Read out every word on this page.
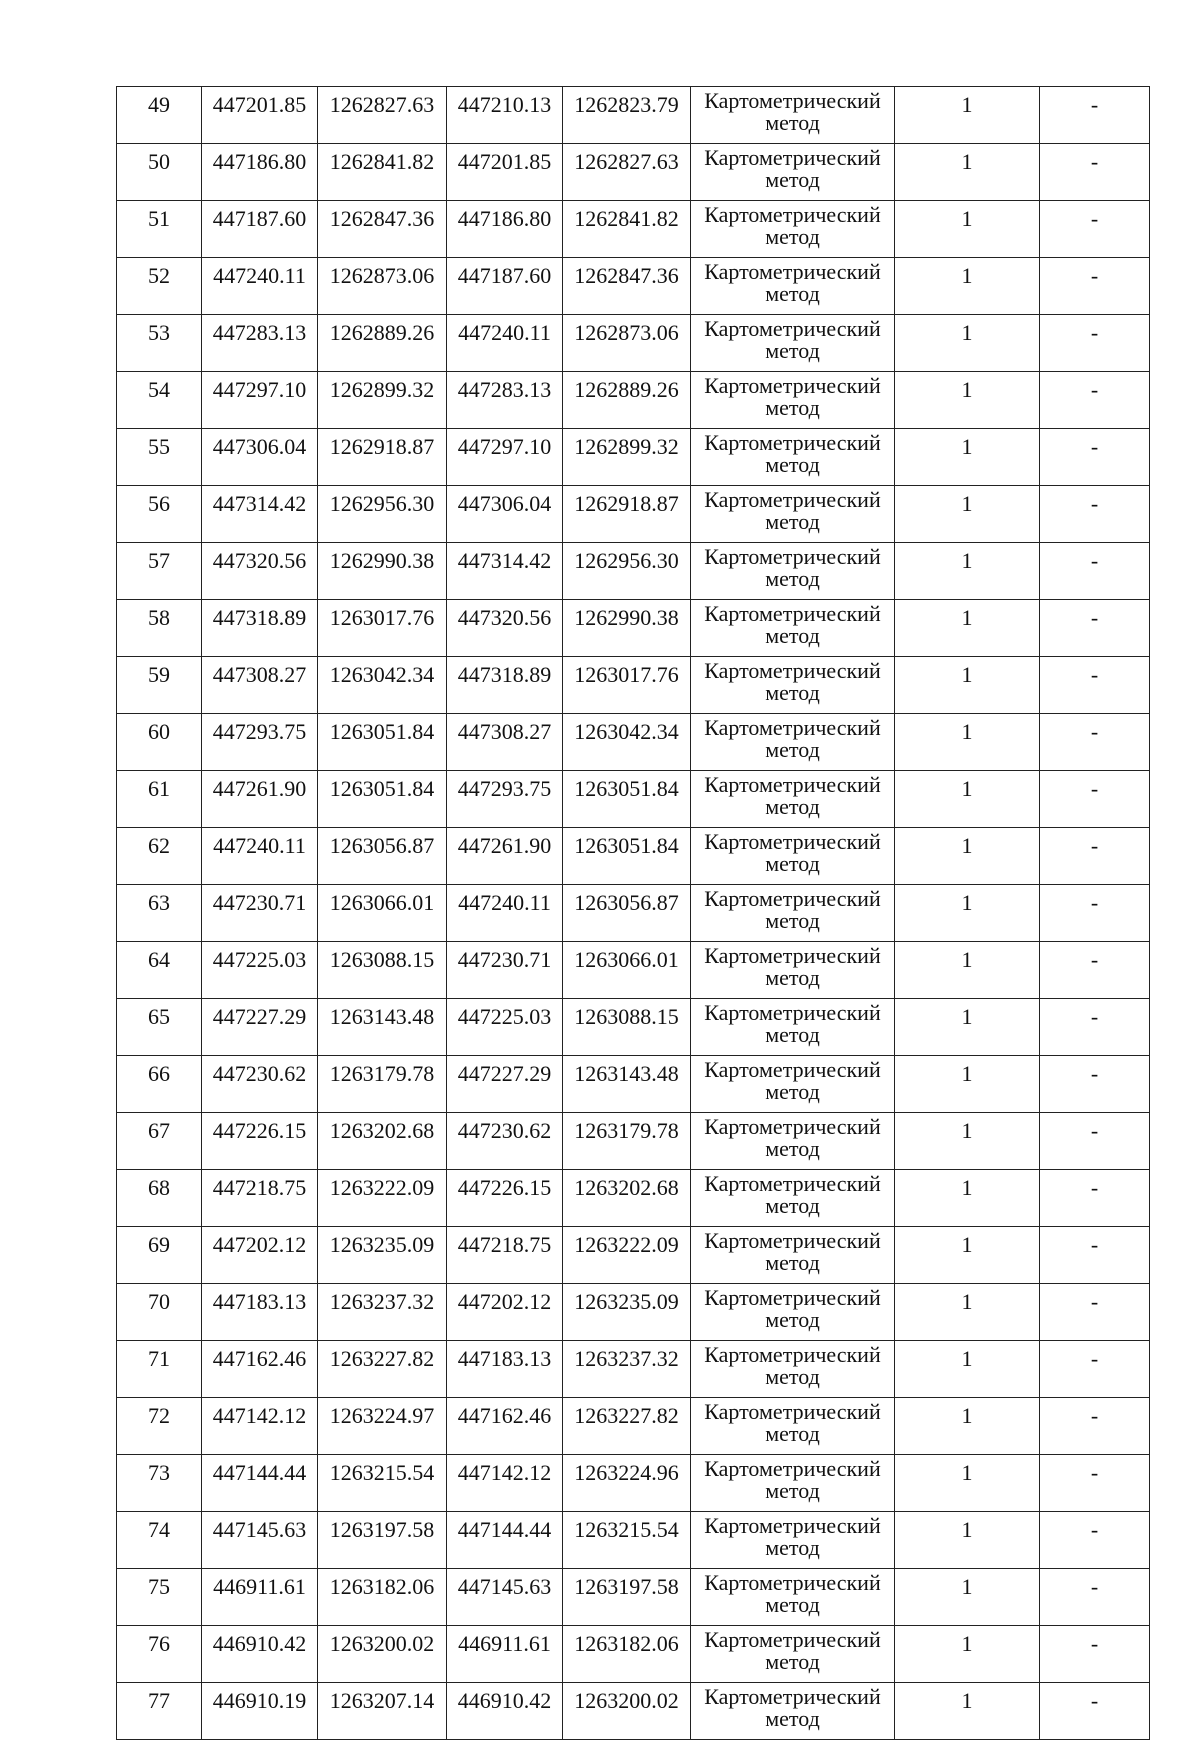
49	447201.85	1262827.63	447210.13	1262823.79	Картометрический
метод	1	-
50	447186.80	1262841.82	447201.85	1262827.63	Картометрический
метод	1	-
51	447187.60	1262847.36	447186.80	1262841.82	Картометрический
метод	1	-
52	447240.11	1262873.06	447187.60	1262847.36	Картометрический
метод	1	-
53	447283.13	1262889.26	447240.11	1262873.06	Картометрический
метод	1	-
54	447297.10	1262899.32	447283.13	1262889.26	Картометрический
метод	1	-
55	447306.04	1262918.87	447297.10	1262899.32	Картометрический
метод	1	-
56	447314.42	1262956.30	447306.04	1262918.87	Картометрический
метод	1	-
57	447320.56	1262990.38	447314.42	1262956.30	Картометрический
метод	1	-
58	447318.89	1263017.76	447320.56	1262990.38	Картометрический
метод	1	-
59	447308.27	1263042.34	447318.89	1263017.76	Картометрический
метод	1	-
60	447293.75	1263051.84	447308.27	1263042.34	Картометрический
метод	1	-
61	447261.90	1263051.84	447293.75	1263051.84	Картометрический
метод	1	-
62	447240.11	1263056.87	447261.90	1263051.84	Картометрический
метод	1	-
63	447230.71	1263066.01	447240.11	1263056.87	Картометрический
метод	1	-
64	447225.03	1263088.15	447230.71	1263066.01	Картометрический
метод	1	-
65	447227.29	1263143.48	447225.03	1263088.15	Картометрический
метод	1	-
66	447230.62	1263179.78	447227.29	1263143.48	Картометрический
метод	1	-
67	447226.15	1263202.68	447230.62	1263179.78	Картометрический
метод	1	-
68	447218.75	1263222.09	447226.15	1263202.68	Картометрический
метод	1	-
69	447202.12	1263235.09	447218.75	1263222.09	Картометрический
метод	1	-
70	447183.13	1263237.32	447202.12	1263235.09	Картометрический
метод	1	-
71	447162.46	1263227.82	447183.13	1263237.32	Картометрический
метод	1	-
72	447142.12	1263224.97	447162.46	1263227.82	Картометрический
метод	1	-
73	447144.44	1263215.54	447142.12	1263224.96	Картометрический
метод	1	-
74	447145.63	1263197.58	447144.44	1263215.54	Картометрический
метод	1	-
75	446911.61	1263182.06	447145.63	1263197.58	Картометрический
метод	1	-
76	446910.42	1263200.02	446911.61	1263182.06	Картометрический
метод	1	-
77	446910.19	1263207.14	446910.42	1263200.02	Картометрический
метод	1	-
